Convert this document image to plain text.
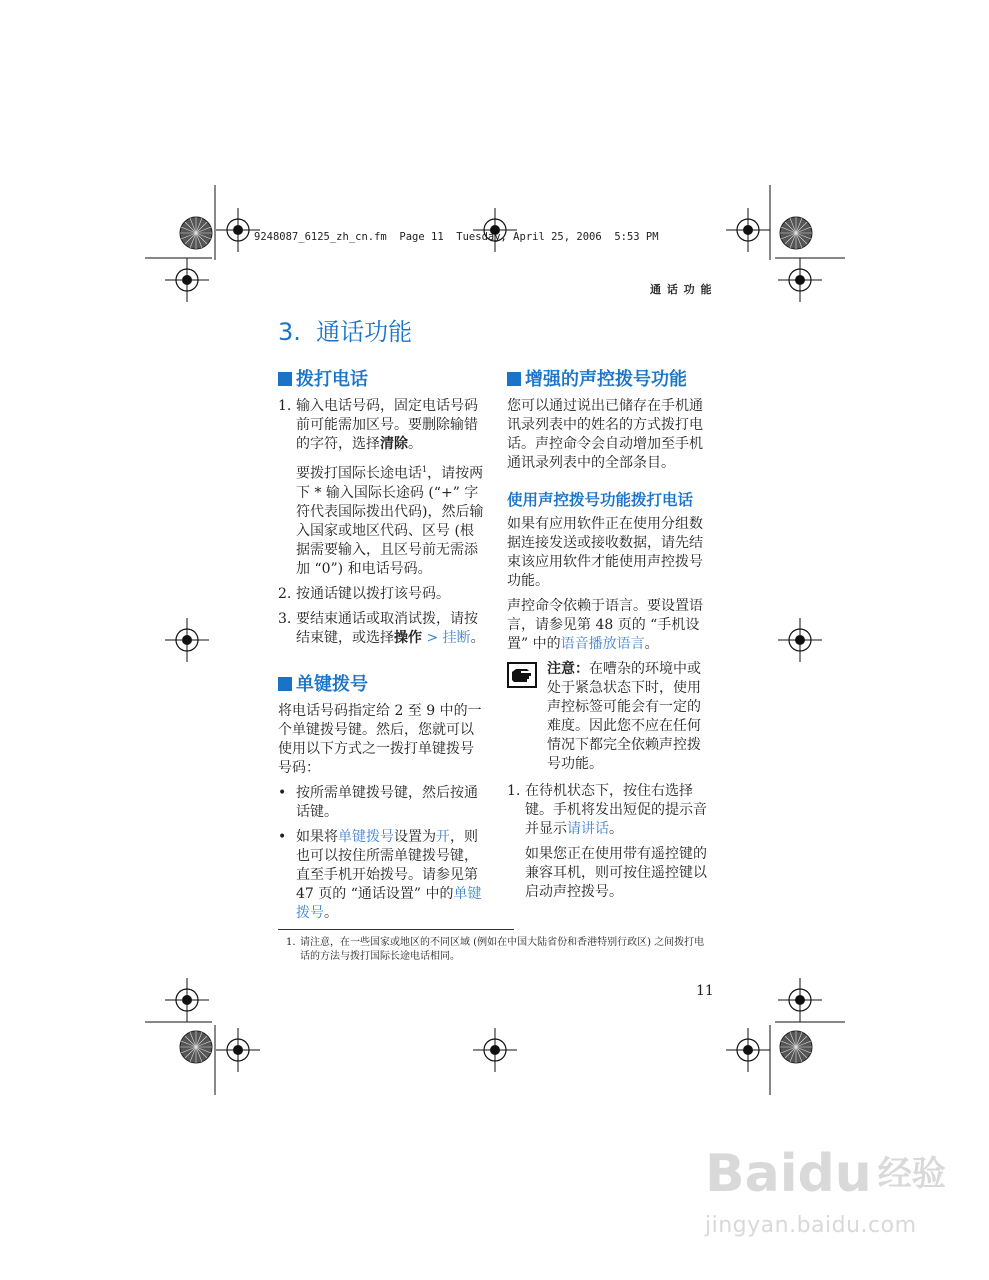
9248087_6125_zh_cn.fm  Page 11  Tuesday, April 25, 2006  5:53 PM
通 话 功 能
3.  通话功能
拨打电话
1. 输入电话号码，固定电话号码前可能需加区号。要删除输错的字符，选择清除。
要拨打国际长途电话$^1$，请按两下 * 输入国际长途码 (“+” 字符代表国际拨出代码)，然后输入国家或地区代码、区号 (根据需要输入，且区号前无需添加 “0”) 和电话号码。
2. 按通话键以拨打该号码。
3. 要结束通话或取消试拨，请按结束键，或选择操作 > 挂断。
单键拨号
将电话号码指定给 2 至 9 中的一个单键拨号键。然后，您就可以使用以下方式之一拨打单键拨号号码：
• 按所需单键拨号键，然后按通话键。
• 如果将单键拨号设置为开，则也可以按住所需单键拨号键，直至手机开始拨号。请参见第 47 页的 “通话设置” 中的单键拨号。
增强的声控拨号功能
您可以通过说出已储存在手机通讯录列表中的姓名的方式拨打电话。声控命令会自动增加至手机通讯录列表中的全部条目。
使用声控拨号功能拨打电话
如果有应用软件正在使用分组数据连接发送或接收数据，请先结束该应用软件才能使用声控拨号功能。
声控命令依赖于语言。要设置语言，请参见第 48 页的 “手机设置” 中的语音播放语言。
注意：在嘈杂的环境中或处于紧急状态下时，使用声控标签可能会有一定的难度。因此您不应在任何情况下都完全依赖声控拨号功能。
1. 在待机状态下，按住右选择键。手机将发出短促的提示音并显示请讲话。
如果您正在使用带有遥控键的兼容耳机，则可按住遥控键以启动声控拨号。
1. 请注意，在一些国家或地区的不同区域 (例如在中国大陆省份和香港特别行政区) 之间拨打电话的方法与拨打国际长途电话相同。
11
Baidu 经验
jingyan.baidu.com
